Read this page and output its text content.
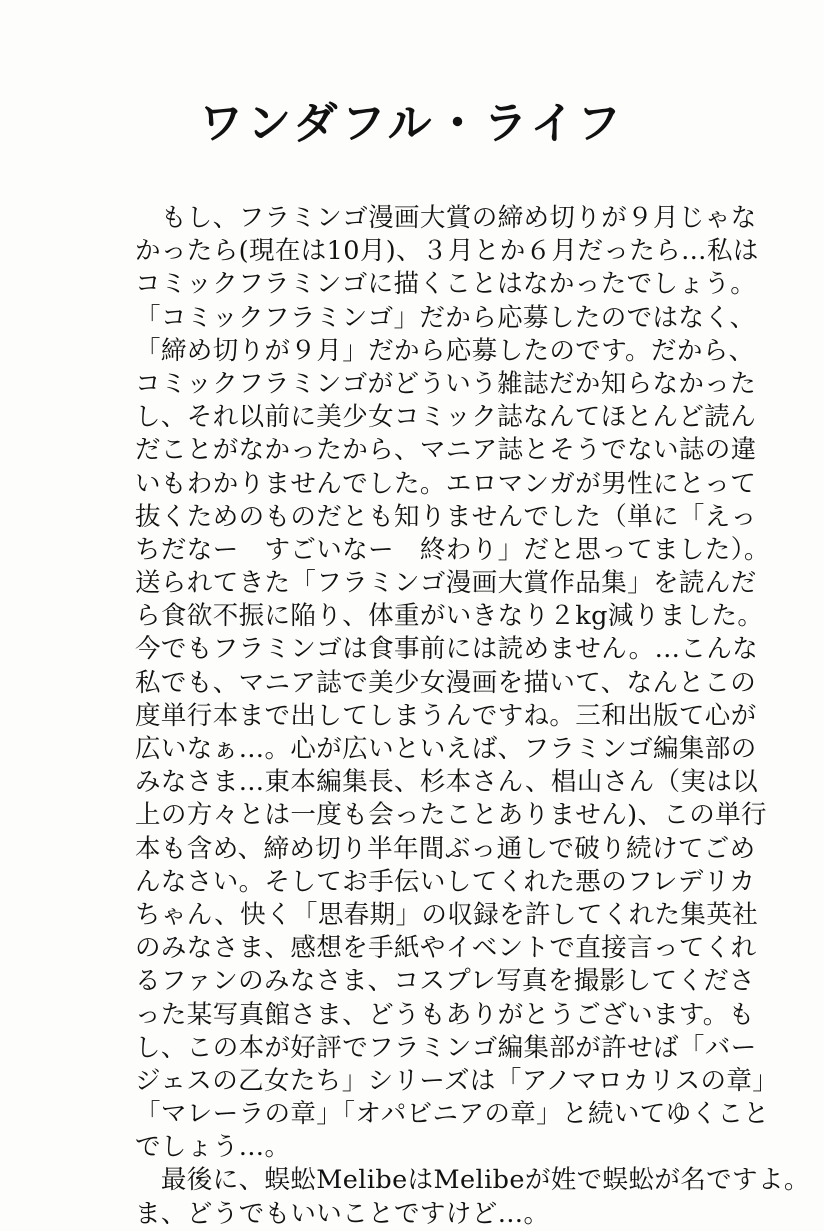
ワンダフル・ライフ
　もし、フラミンゴ漫画大賞の締め切りが９月じゃな
かったら(現在は10月)、３月とか６月だったら…私は
コミックフラミンゴに描くことはなかったでしょう。
「コミックフラミンゴ」だから応募したのではなく、
「締め切りが９月」だから応募したのです。だから、
コミックフラミンゴがどういう雑誌だか知らなかった
し、それ以前に美少女コミック誌なんてほとんど読ん
だことがなかったから、マニア誌とそうでない誌の違
いもわかりませんでした。エロマンガが男性にとって
抜くためのものだとも知りませんでした（単に「えっ
ちだなー　すごいなー　終わり」だと思ってました）。
送られてきた「フラミンゴ漫画大賞作品集」を読んだ
ら食欲不振に陥り、体重がいきなり２kg減りました。
今でもフラミンゴは食事前には読めません。…こんな
私でも、マニア誌で美少女漫画を描いて、なんとこの
度単行本まで出してしまうんですね。三和出版て心が
広いなぁ…。心が広いといえば、フラミンゴ編集部の
みなさま…東本編集長、杉本さん、椙山さん（実は以
上の方々とは一度も会ったことありません)、この単行
本も含め、締め切り半年間ぶっ通しで破り続けてごめ
んなさい。そしてお手伝いしてくれた悪のフレデリカ
ちゃん、快く「思春期」の収録を許してくれた集英社
のみなさま、感想を手紙やイベントで直接言ってくれ
るファンのみなさま、コスプレ写真を撮影してくださ
った某写真館さま、どうもありがとうございます。も
し、この本が好評でフラミンゴ編集部が許せば「バー
ジェスの乙女たち」シリーズは「アノマロカリスの章」
「マレーラの章」「オパビニアの章」と続いてゆくこと
でしょう…。
　最後に、蜈蚣MelibeはMelibeが姓で蜈蚣が名ですよ。
ま、どうでもいいことですけど…。
